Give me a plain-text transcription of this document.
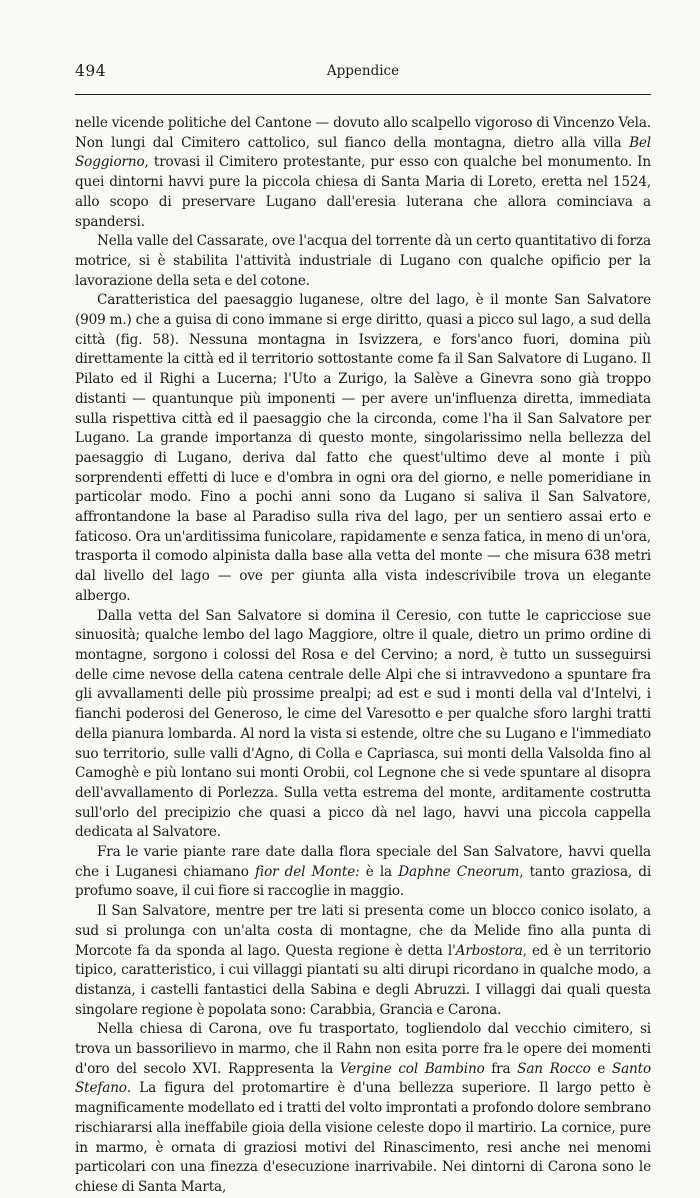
494	Appendice

nelle vicende politiche del Cantone — dovuto allo scalpello vigoroso di Vincenzo Vela. Non lungi dal Cimitero cattolico, sul fianco della montagna, dietro alla villa Bel Soggiorno, trovasi il Cimitero protestante, pur esso con qualche bel monumento. In quei dintorni havvi pure la piccola chiesa di Santa Maria di Loreto, eretta nel 1524, allo scopo di preservare Lugano dall'eresia luterana che allora cominciava a spandersi.

Nella valle del Cassarate, ove l'acqua del torrente dà un certo quantitativo di forza motrice, si è stabilita l'attività industriale di Lugano con qualche opificio per la lavorazione della seta e del cotone.

Caratteristica del paesaggio luganese, oltre del lago, è il monte San Salvatore (909 m.) che a guisa di cono immane si erge diritto, quasi a picco sul lago, a sud della città (fig. 58). Nessuna montagna in Isvizzera, e fors'anco fuori, domina più direttamente la città ed il territorio sottostante come fa il San Salvatore di Lugano. Il Pilato ed il Righi a Lucerna; l'Uto a Zurigo, la Salève a Ginevra sono già troppo distanti — quantunque più imponenti — per avere un'influenza diretta, immediata sulla rispettiva città ed il paesaggio che la circonda, come l'ha il San Salvatore per Lugano. La grande importanza di questo monte, singolarissimo nella bellezza del paesaggio di Lugano, deriva dal fatto che quest'ultimo deve al monte i più sorprendenti effetti di luce e d'ombra in ogni ora del giorno, e nelle pomeridiane in particolar modo. Fino a pochi anni sono da Lugano si saliva il San Salvatore, affrontandone la base al Paradiso sulla riva del lago, per un sentiero assai erto e faticoso. Ora un'arditissima funicolare, rapidamente e senza fatica, in meno di un'ora, trasporta il comodo alpinista dalla base alla vetta del monte — che misura 638 metri dal livello del lago — ove per giunta alla vista indescrivibile trova un elegante albergo.

Dalla vetta del San Salvatore si domina il Ceresio, con tutte le capricciose sue sinuosità; qualche lembo del lago Maggiore, oltre il quale, dietro un primo ordine di montagne, sorgono i colossi del Rosa e del Cervino; a nord, è tutto un susseguirsi delle cime nevose della catena centrale delle Alpi che si intravvedono a spuntare fra gli avvallamenti delle più prossime prealpi; ad est e sud i monti della val d'Intelvi, i fianchi poderosi del Generoso, le cime del Varesotto e per qualche sforo larghi tratti della pianura lombarda. Al nord la vista si estende, oltre che su Lugano e l'immediato suo territorio, sulle valli d'Agno, di Colla e Capriasca, sui monti della Valsolda fino al Camoghè e più lontano sui monti Orobii, col Legnone che si vede spuntare al disopra dell'avvallamento di Porlezza. Sulla vetta estrema del monte, arditamente costrutta sull'orlo del precipizio che quasi a picco dà nel lago, havvi una piccola cappella dedicata al Salvatore.

Fra le varie piante rare date dalla flora speciale del San Salvatore, havvi quella che i Luganesi chiamano fior del Monte: è la Daphne Cneorum, tanto graziosa, di profumo soave, il cui fiore si raccoglie in maggio.

Il San Salvatore, mentre per tre lati si presenta come un blocco conico isolato, a sud si prolunga con un'alta costa di montagne, che da Melide fino alla punta di Morcote fa da sponda al lago. Questa regione è detta l'Arbostora, ed è un territorio tipico, caratteristico, i cui villaggi piantati su alti dirupi ricordano in qualche modo, a distanza, i castelli fantastici della Sabina e degli Abruzzi. I villaggi dai quali questa singolare regione è popolata sono: Carabbia, Grancia e Carona.

Nella chiesa di Carona, ove fu trasportato, togliendolo dal vecchio cimitero, si trova un bassorilievo in marmo, che il Rahn non esita porre fra le opere dei momenti d'oro del secolo XVI. Rappresenta la Vergine col Bambino fra San Rocco e Santo Stefano. La figura del protomartire è d'una bellezza superiore. Il largo petto è magnificamente modellato ed i tratti del volto improntati a profondo dolore sembrano rischiararsi alla ineffabile gioia della visione celeste dopo il martirio. La cornice, pure in marmo, è ornata di graziosi motivi del Rinascimento, resi anche nei menomi particolari con una finezza d'esecuzione inarrivabile. Nei dintorni di Carona sono le chiese di Santa Marta,
